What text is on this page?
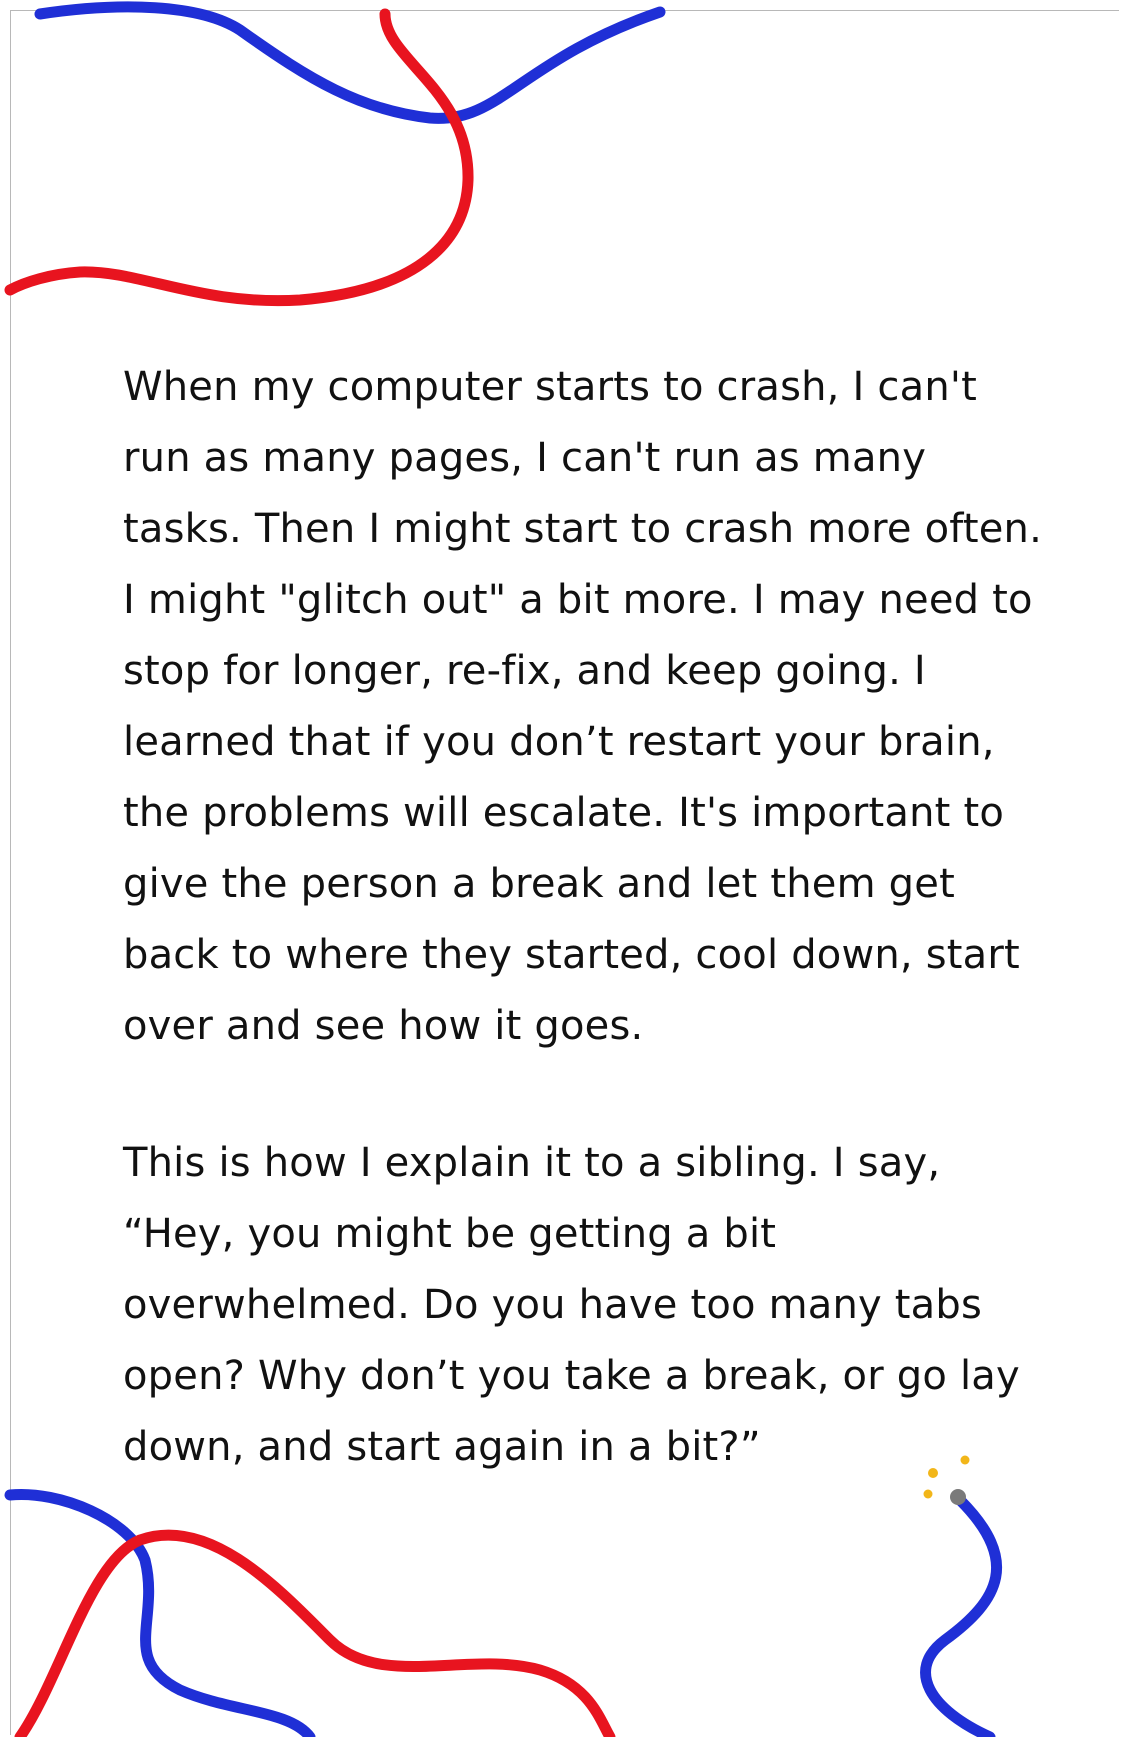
When my computer starts to crash, I can't run as many pages, I can't run as many tasks. Then I might start to crash more often. I might "glitch out" a bit more. I may need to stop for longer, re-fix, and keep going. I learned that if you don’t restart your brain, the problems will escalate. It's important to give the person a break and let them get back to where they started, cool down, start over and see how it goes.

This is how I explain it to a sibling. I say, “Hey, you might be getting a bit overwhelmed. Do you have too many tabs open? Why don’t you take a break, or go lay down, and start again in a bit?”
